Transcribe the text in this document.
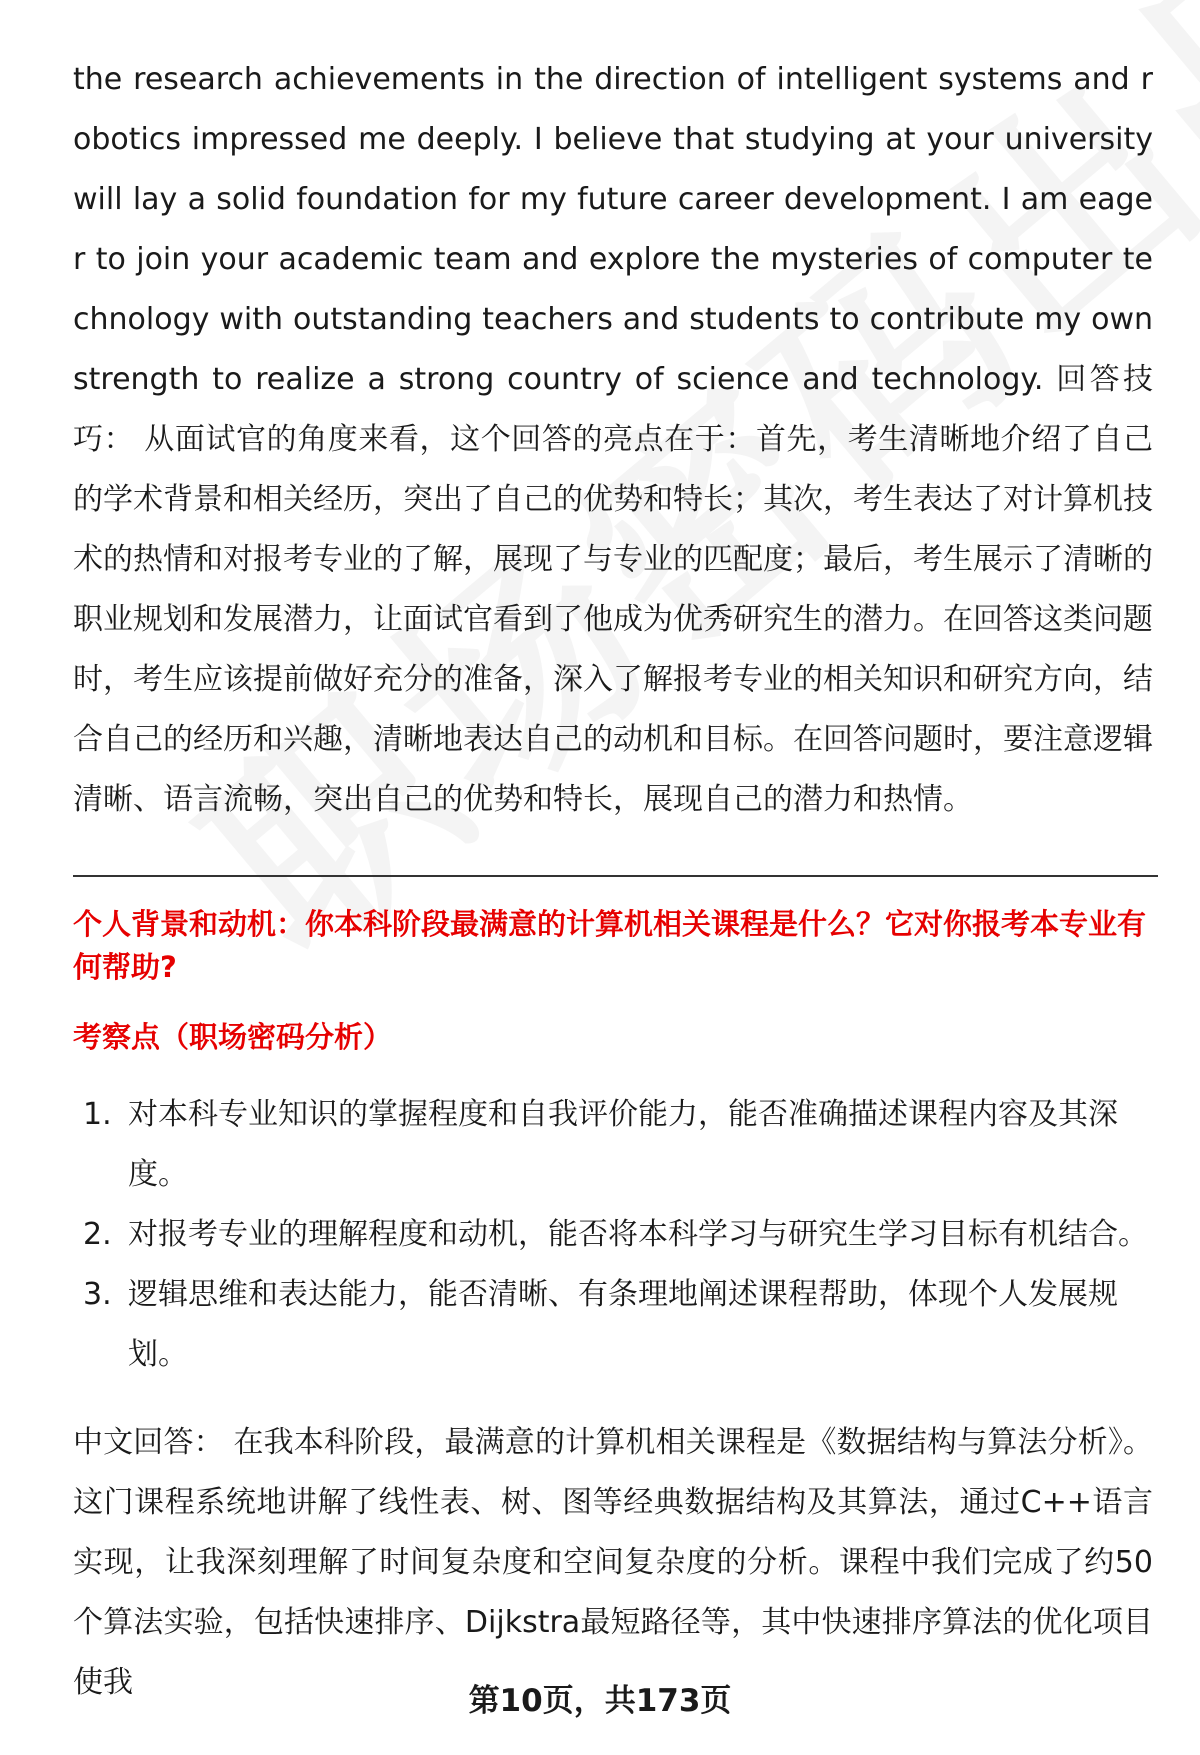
the research achievements in the direction of intelligent systems and robotics impressed me deeply. I believe that studying at your university will lay a solid foundation for my future career development. I am eager to join your academic team and explore the mysteries of computer technology with outstanding teachers and students to contribute my own strength to realize a strong country of science and technology. 回答技巧： 从面试官的角度来看，这个回答的亮点在于：首先，考生清晰地介绍了自己的学术背景和相关经历，突出了自己的优势和特长；其次，考生表达了对计算机技术的热情和对报考专业的了解，展现了与专业的匹配度；最后，考生展示了清晰的职业规划和发展潜力，让面试官看到了他成为优秀研究生的潜力。在回答这类问题时，考生应该提前做好充分的准备，深入了解报考专业的相关知识和研究方向，结合自己的经历和兴趣，清晰地表达自己的动机和目标。在回答问题时，要注意逻辑清晰、语言流畅，突出自己的优势和特长，展现自己的潜力和热情。

个人背景和动机：你本科阶段最满意的计算机相关课程是什么？它对你报考本专业有何帮助?
考察点（职场密码分析）
1. 对本科专业知识的掌握程度和自我评价能力，能否准确描述课程内容及其深度。
2. 对报考专业的理解程度和动机，能否将本科学习与研究生学习目标有机结合。
3. 逻辑思维和表达能力，能否清晰、有条理地阐述课程帮助，体现个人发展规划。

中文回答： 在我本科阶段，最满意的计算机相关课程是《数据结构与算法分析》。这门课程系统地讲解了线性表、树、图等经典数据结构及其算法，通过C++语言实现，让我深刻理解了时间复杂度和空间复杂度的分析。课程中我们完成了约50个算法实验，包括快速排序、Dijkstra最短路径等，其中快速排序算法的优化项目使我

第10页，共173页
